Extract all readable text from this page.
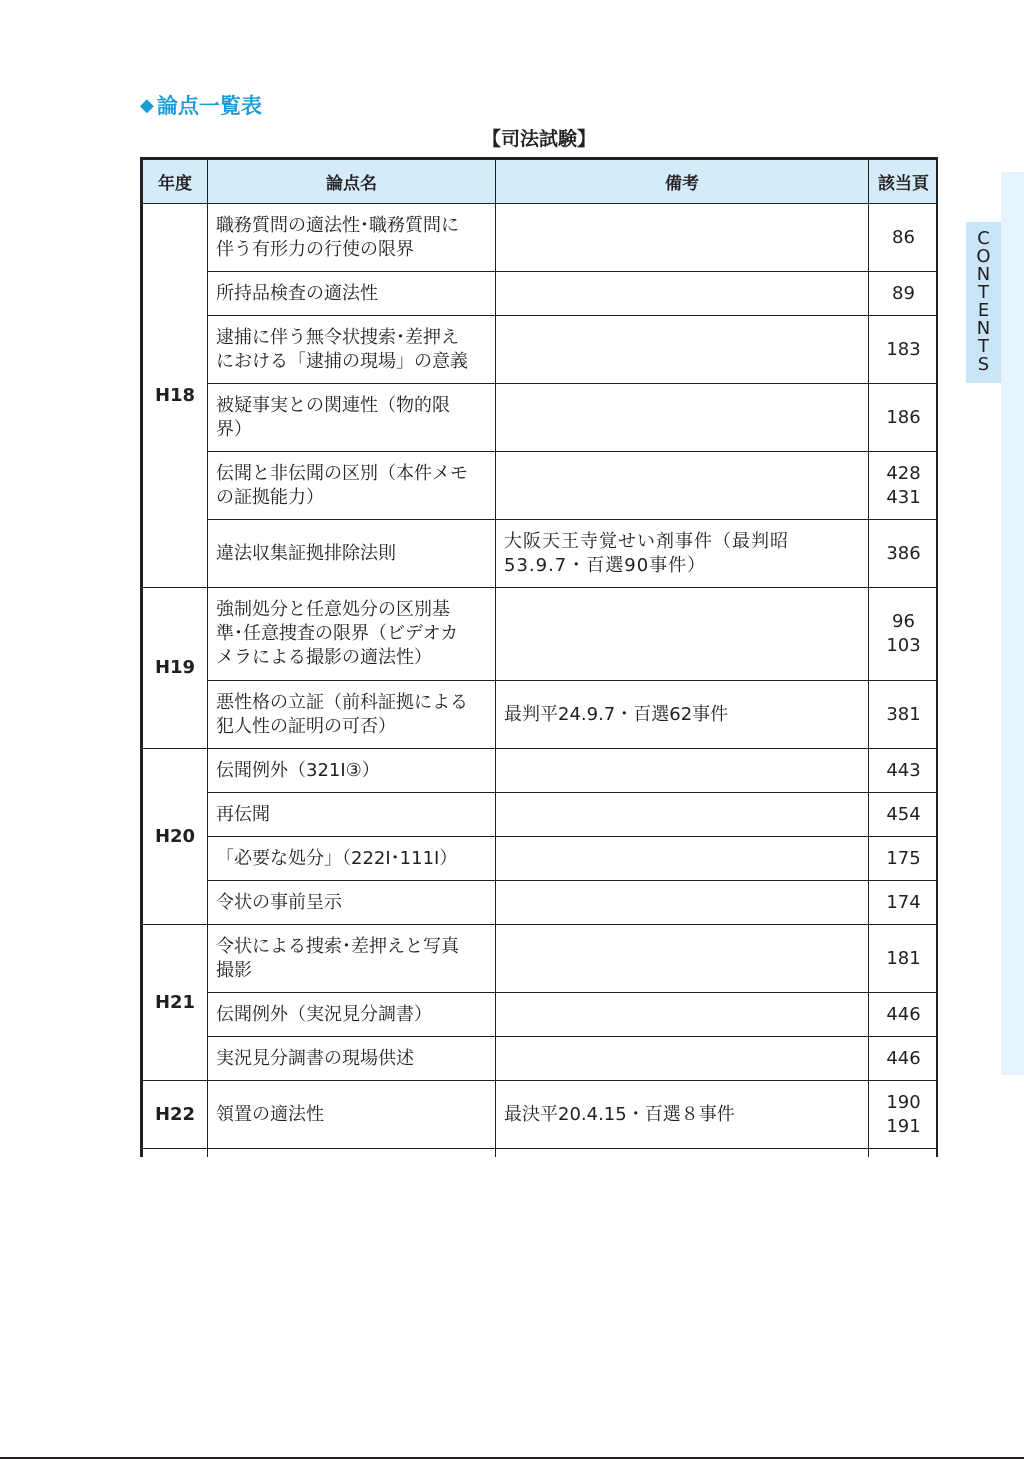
◆ 論点一覧表
【司法試験】
年度	論点名	備考	該当頁
H18	職務質問の適法性･職務質問に
伴う有形力の行使の限界		86

	所持品検査の適法性		89

	逮捕に伴う無令状捜索･差押え
における「逮捕の現場」の意義		183

	被疑事実との関連性（物的限
界）		186

	伝聞と非伝聞の区別（本件メモ
の証拠能力）		428
431

	違法収集証拠排除法則	大阪天王寺覚せい剤事件（最判昭
53.9.7・百選90事件）	386

H19	強制処分と任意処分の区別基
準･任意捜査の限界（ビデオカ
メラによる撮影の適法性）		96
103

	悪性格の立証（前科証拠による
犯人性の証明の可否）	最判平24.9.7・百選62事件	381

H20	伝聞例外（321Ⅰ③）		443

	再伝聞		454

	「必要な処分」（222Ⅰ･111Ⅰ）		175

	令状の事前呈示		174

H21	令状による捜索･差押えと写真
撮影		181

	伝聞例外（実況見分調書）		446

	実況見分調書の現場供述		446

H22	領置の適法性	最決平20.4.15・百選８事件	190
191

C
O
N
T
E
N
T
S
